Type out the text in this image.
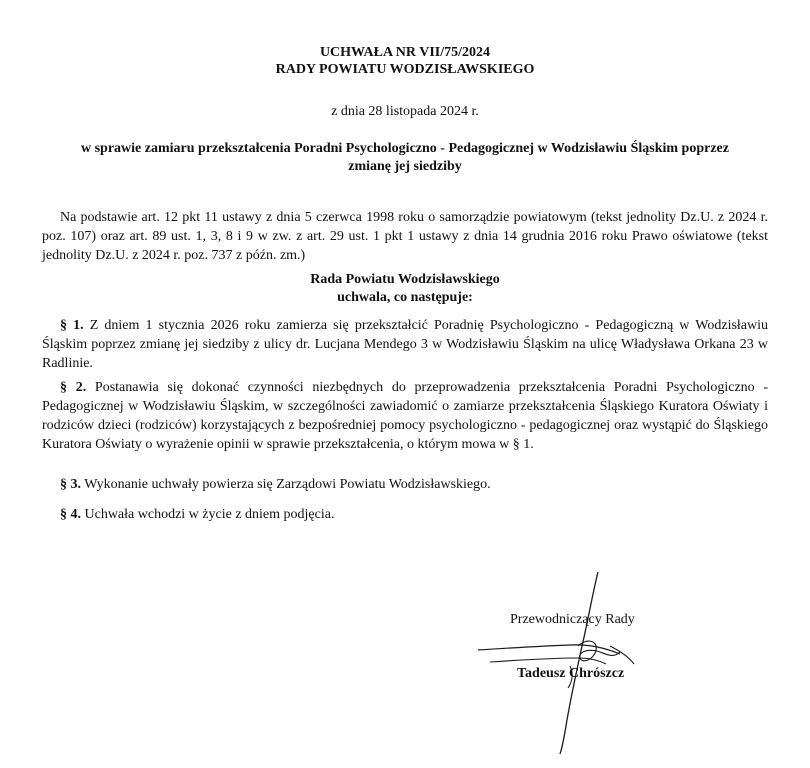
UCHWAŁA NR VII/75/2024
RADY POWIATU WODZISŁAWSKIEGO
z dnia 28 listopada 2024 r.
w sprawie zamiaru przekształcenia Poradni Psychologiczno - Pedagogicznej w Wodzisławiu Śląskim poprzez
zmianę jej siedziby
Na podstawie art. 12 pkt 11 ustawy z dnia 5 czerwca 1998 roku o samorządzie powiatowym (tekst jednolity Dz.U. z 2024 r. poz. 107) oraz art. 89 ust. 1, 3, 8 i 9 w zw. z art. 29 ust. 1 pkt 1 ustawy z dnia 14 grudnia 2016 roku Prawo oświatowe (tekst jednolity Dz.U. z 2024 r. poz. 737 z późn. zm.)
Rada Powiatu Wodzisławskiego
uchwala, co następuje:
§ 1. Z dniem 1 stycznia 2026 roku zamierza się przekształcić Poradnię Psychologiczno - Pedagogiczną w Wodzisławiu Śląskim poprzez zmianę jej siedziby z ulicy dr. Lucjana Mendego 3 w Wodzisławiu Śląskim na ulicę Władysława Orkana 23 w Radlinie.
§ 2. Postanawia się dokonać czynności niezbędnych do przeprowadzenia przekształcenia Poradni Psychologiczno - Pedagogicznej w Wodzisławiu Śląskim, w szczególności zawiadomić o zamiarze przekształcenia Śląskiego Kuratora Oświaty i rodziców dzieci (rodziców) korzystających z bezpośredniej pomocy psychologiczno - pedagogicznej oraz wystąpić do Śląskiego Kuratora Oświaty o wyrażenie opinii w sprawie przekształcenia, o którym mowa w § 1.
§ 3. Wykonanie uchwały powierza się Zarządowi Powiatu Wodzisławskiego.
§ 4. Uchwała wchodzi w życie z dniem podjęcia.
Przewodniczący Rady
Tadeusz Chrószcz
